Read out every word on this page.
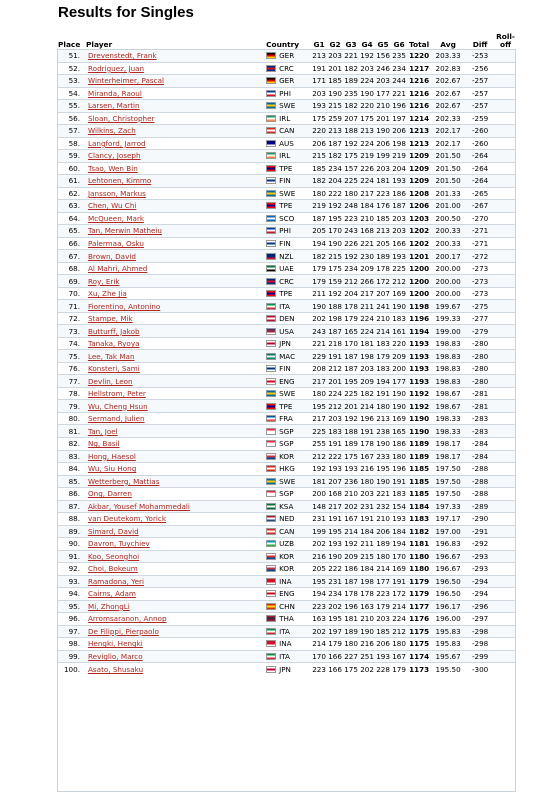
Results for Singles
Place	Player	Country	G1	G2	G3	G4	G5	G6	Total	Avg	Diff	Roll-off
51.	Drevenstedt, Frank	GER	213	203	221	192	156	235	1220	203.33	-253	
52.	Rodriguez, Juan	CRC	191	201	182	203	246	234	1217	202.83	-256	
53.	Winterheimer, Pascal	GER	171	185	189	224	203	244	1216	202.67	-257	
54.	Miranda, Raoul	PHI	203	190	235	190	177	221	1216	202.67	-257	
55.	Larsen, Martin	SWE	193	215	182	220	210	196	1216	202.67	-257	
56.	Sloan, Christopher	IRL	175	259	207	175	201	197	1214	202.33	-259	
57.	Wilkins, Zach	CAN	220	213	188	213	190	206	1213	202.17	-260	
58.	Langford, Jarrod	AUS	206	187	192	224	206	198	1213	202.17	-260	
59.	Clancy, Joseph	IRL	215	182	175	219	199	219	1209	201.50	-264	
60.	Tsao, Wen Bin	TPE	185	234	157	226	203	204	1209	201.50	-264	
61.	Lehtonen, Kimmo	FIN	182	204	225	224	181	193	1209	201.50	-264	
62.	Jansson, Markus	SWE	180	222	180	217	223	186	1208	201.33	-265	
63.	Chen, Wu Chi	TPE	219	192	248	184	176	187	1206	201.00	-267	
64.	McQueen, Mark	SCO	187	195	223	210	185	203	1203	200.50	-270	
65.	Tan, Merwin Matheiu	PHI	205	170	243	168	213	203	1202	200.33	-271	
66.	Palermaa, Osku	FIN	194	190	226	221	205	166	1202	200.33	-271	
67.	Brown, David	NZL	182	215	192	230	189	193	1201	200.17	-272	
68.	Al Mahri, Ahmed	UAE	179	175	234	209	178	225	1200	200.00	-273	
69.	Roy, Erik	CRC	179	159	212	266	172	212	1200	200.00	-273	
70.	Xu, Zhe Jia	TPE	211	192	204	217	207	169	1200	200.00	-273	
71.	Fiorentino, Antonino	ITA	190	188	178	211	241	190	1198	199.67	-275	
72.	Stampe, Mik	DEN	202	198	179	224	210	183	1196	199.33	-277	
73.	Butturff, Jakob	USA	243	187	165	224	214	161	1194	199.00	-279	
74.	Tanaka, Ryoya	JPN	221	218	170	181	183	220	1193	198.83	-280	
75.	Lee, Tak Man	MAC	229	191	187	198	179	209	1193	198.83	-280	
76.	Konsteri, Sami	FIN	208	212	187	203	183	200	1193	198.83	-280	
77.	Devlin, Leon	ENG	217	201	195	209	194	177	1193	198.83	-280	
78.	Hellstrom, Peter	SWE	180	224	225	182	191	190	1192	198.67	-281	
79.	Wu, Cheng Hsun	TPE	195	212	201	214	180	190	1192	198.67	-281	
80.	Sermand, Julien	FRA	217	203	192	196	213	169	1190	198.33	-283	
81.	Tan, Joel	SGP	225	183	188	191	238	165	1190	198.33	-283	
82.	Ng, Basil	SGP	255	191	189	178	190	186	1189	198.17	-284	
83.	Hong, Haesol	KOR	212	222	175	167	233	180	1189	198.17	-284	
84.	Wu, Siu Hong	HKG	192	193	193	216	195	196	1185	197.50	-288	
85.	Wetterberg, Mattias	SWE	181	207	236	180	190	191	1185	197.50	-288	
86.	Ong, Darren	SGP	200	168	210	203	221	183	1185	197.50	-288	
87.	Akbar, Yousef Mohammedali	KSA	148	217	202	231	232	154	1184	197.33	-289	
88.	van Deutekom, Yorick	NED	231	191	167	191	210	193	1183	197.17	-290	
89.	Simard, David	CAN	199	195	214	184	206	184	1182	197.00	-291	
90.	Davron, Tuychiev	UZB	202	193	192	211	189	194	1181	196.83	-292	
91.	Koo, Seonghoi	KOR	216	190	209	215	180	170	1180	196.67	-293	
92.	Choi, Bokeum	KOR	205	222	186	184	214	169	1180	196.67	-293	
93.	Ramadona, Yeri	INA	195	231	187	198	177	191	1179	196.50	-294	
94.	Cairns, Adam	ENG	194	234	178	178	223	172	1179	196.50	-294	
95.	Mi, ZhongLi	CHN	223	202	196	163	179	214	1177	196.17	-296	
96.	Arromsaranon, Annop	THA	163	195	181	210	203	224	1176	196.00	-297	
97.	De Filippi, Pierpaolo	ITA	202	197	189	190	185	212	1175	195.83	-298	
98.	Hengki, Hengki	INA	214	179	180	216	206	180	1175	195.83	-298	
99.	Reviglio, Marco	ITA	170	166	227	251	193	167	1174	195.67	-299	
100.	Asato, Shusaku	JPN	223	166	175	202	228	179	1173	195.50	-300	
